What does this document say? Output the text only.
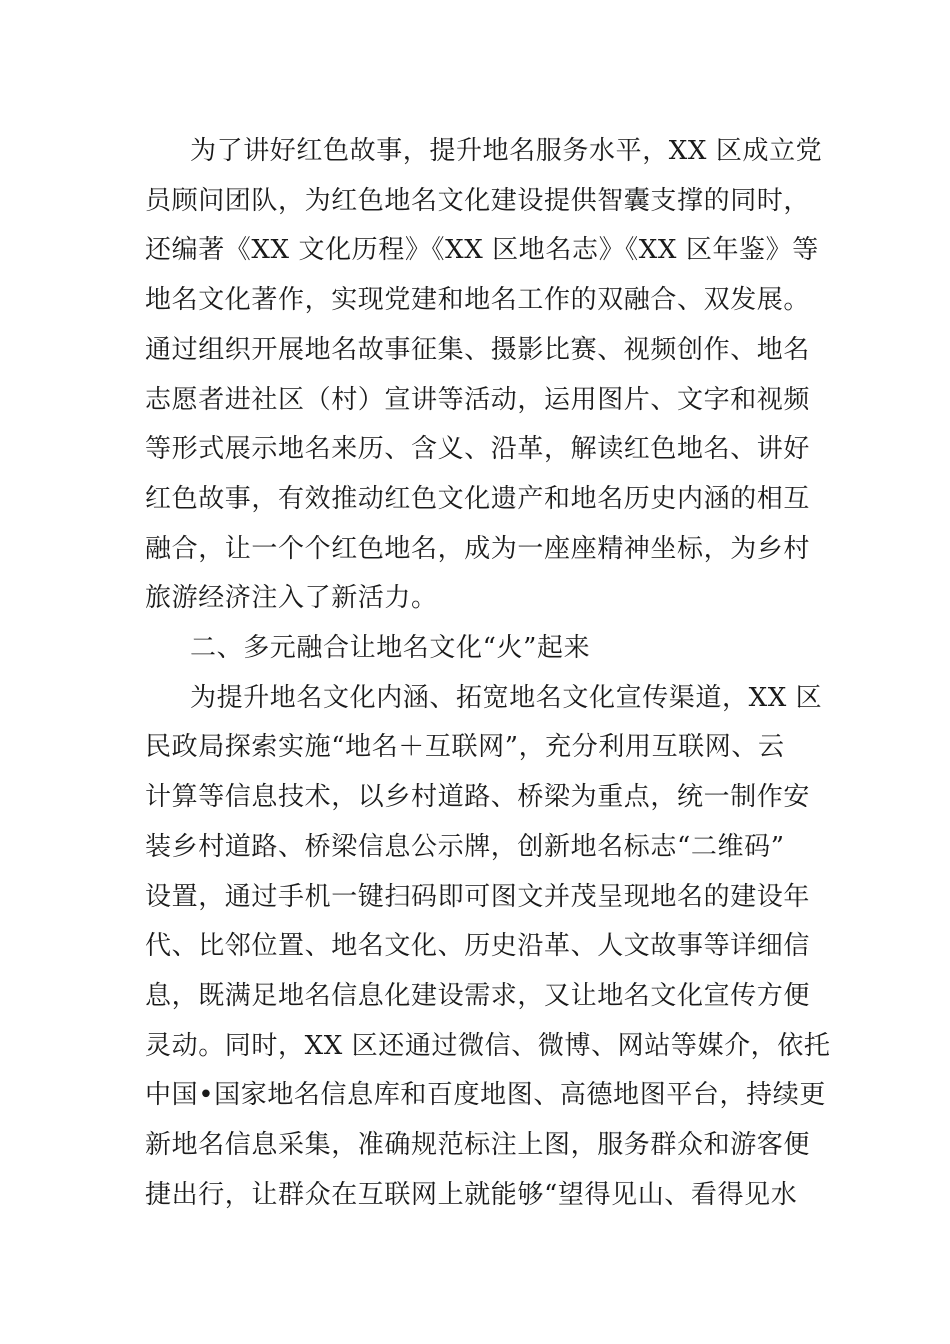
为了讲好红色故事，提升地名服务水平，XX 区成立党
员顾问团队，为红色地名文化建设提供智囊支撑的同时，
还编著《XX 文化历程》《XX 区地名志》《XX 区年鉴》等
地名文化著作，实现党建和地名工作的双融合、双发展。
通过组织开展地名故事征集、摄影比赛、视频创作、地名
志愿者进社区（村）宣讲等活动，运用图片、文字和视频
等形式展示地名来历、含义、沿革，解读红色地名、讲好
红色故事，有效推动红色文化遗产和地名历史内涵的相互
融合，让一个个红色地名，成为一座座精神坐标，为乡村
旅游经济注入了新活力。
二、多元融合让地名文化“火”起来
为提升地名文化内涵、拓宽地名文化宣传渠道，XX 区
民政局探索实施“地名＋互联网”，充分利用互联网、云
计算等信息技术，以乡村道路、桥梁为重点，统一制作安
装乡村道路、桥梁信息公示牌，创新地名标志“二维码”
设置，通过手机一键扫码即可图文并茂呈现地名的建设年
代、比邻位置、地名文化、历史沿革、人文故事等详细信
息，既满足地名信息化建设需求，又让地名文化宣传方便
灵动。同时，XX 区还通过微信、微博、网站等媒介，依托
中国•国家地名信息库和百度地图、高德地图平台，持续更
新地名信息采集，准确规范标注上图，服务群众和游客便
捷出行，让群众在互联网上就能够“望得见山、看得见水
